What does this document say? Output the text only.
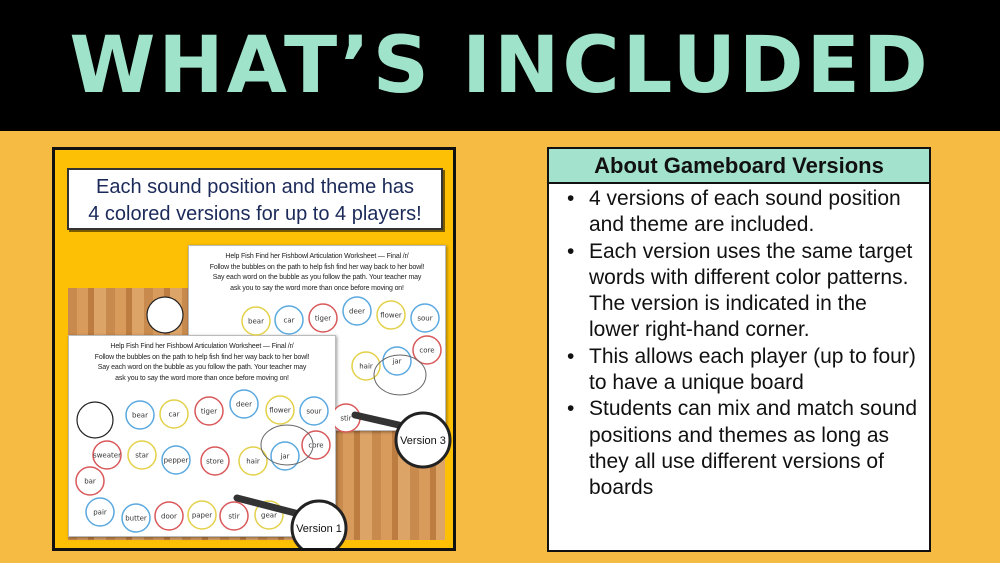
WHAT’S INCLUDED
Each sound position and theme has
4 colored versions for up to 4 players!
Help Fish Find her Fishbowl Articulation Worksheet — Final /r/
Follow the bubbles on the path to help fish find her way back to her bowl!
Say each word on the bubble as you follow the path. Your teacher may
ask you to say the word more than once before moving on!
Help Fish Find her Fishbowl Articulation Worksheet — Final /r/
Follow the bubbles on the path to help fish find her way back to her bowl!
Say each word on the bubble as you follow the path. Your teacher may
ask you to say the word more than once before moving on!
bear	car	tiger
deer flower sour
core
jar
hair
stir
bear	car	tiger
deer
flower sour
sweater star
pepper	store	hair
jar
core
bar
pair
butter door paper stir	gear
Version 3
Version 1
About Gameboard Versions
• 4 versions of each sound position and theme are included.
• Each version uses the same target words with different color patterns. The version is indicated in the lower right-hand corner.
• This allows each player (up to four) to have a unique board
• Students can mix and match sound positions and themes as long as they all use different versions of boards
